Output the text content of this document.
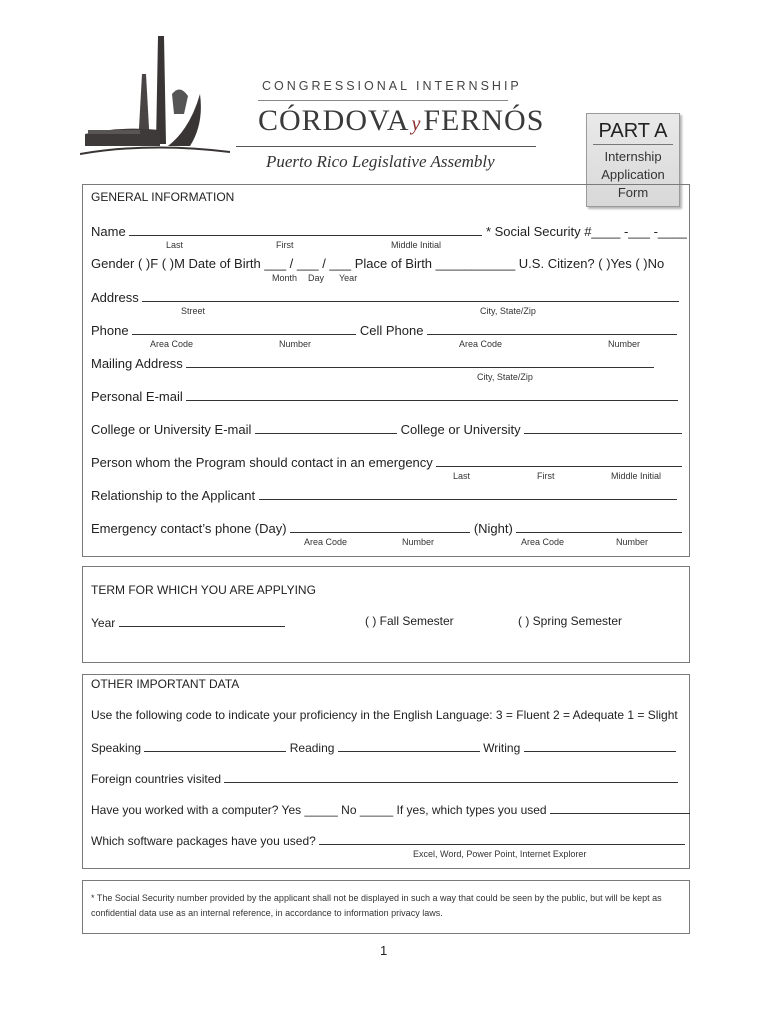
CONGRESSIONAL INTERNSHIP
CÓRDOVA yFERNÓS
Puerto Rico Legislative Assembly
PART A
Internship
Application
Form
GENERAL INFORMATION
Name	* Social Security #____ -___ -____
Last	First	Middle Initial
Gender ( )F ( )M Date of Birth ___ / ___ / ___ Place of Birth ___________ U.S. Citizen? ( )Yes ( )No
Month Day Year
Address
Street	City, State/Zip
Phone	Cell Phone
Area Code	Number	Area Code	Number
Mailing Address
City, State/Zip
Personal E-mail
College or University E-mail	College or University
Person whom the Program should contact in an emergency
Last	First	Middle Initial
Relationship to the Applicant
Emergency contact’s phone (Day)	(Night)
Area Code	Number	Area Code	Number
TERM FOR WHICH YOU ARE APPLYING
Year	( ) Fall Semester	( ) Spring Semester
OTHER IMPORTANT DATA
Use the following code to indicate your proficiency in the English Language: 3 = Fluent 2 = Adequate 1 = Slight
Speaking	Reading	Writing
Foreign countries visited
Have you worked with a computer? Yes _____ No _____ If yes, which types you used
Which software packages have you used?
Excel, Word, Power Point, Internet Explorer
* The Social Security number provided by the applicant shall not be displayed in such a way that could be seen by the public, but will be kept as
confidential data use as an internal reference, in accordance to information privacy laws.
1
